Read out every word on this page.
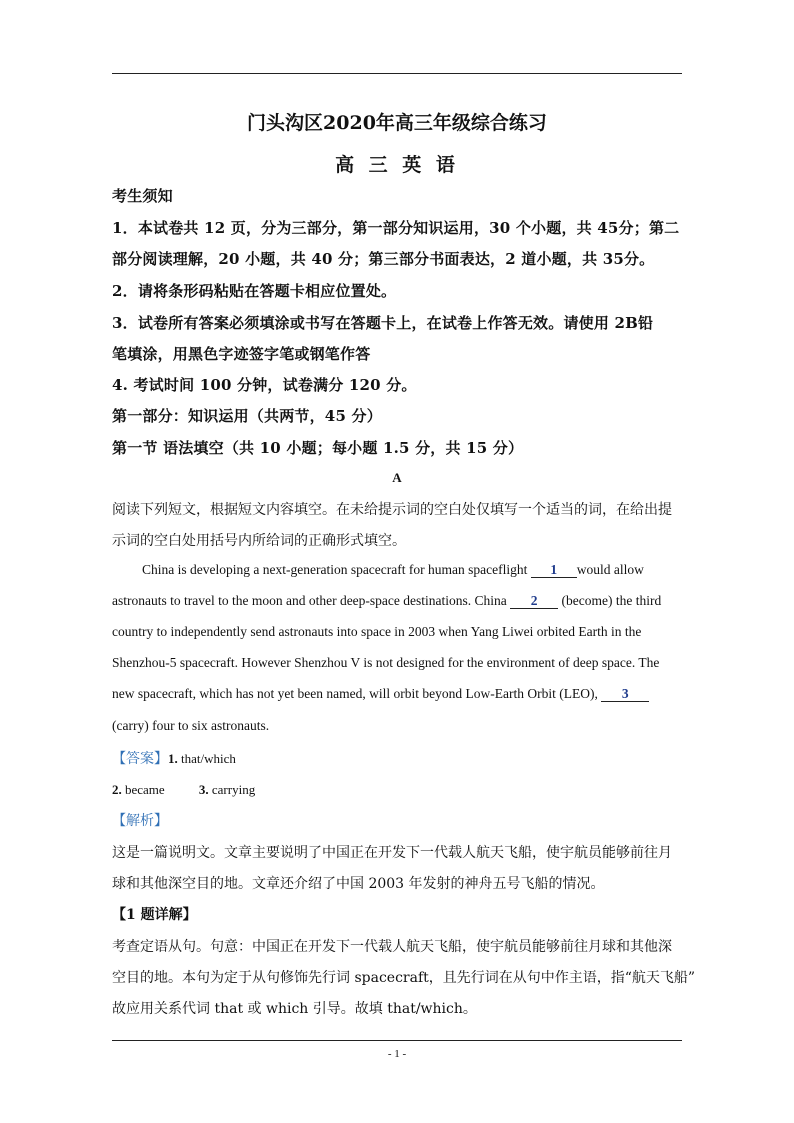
门头沟区2020年高三年级综合练习
高 三 英 语
考生须知
1．本试卷共 12 页，分为三部分，第一部分知识运用，30 个小题，共 45分；第二
部分阅读理解，20 小题，共 40 分；第三部分书面表达，2 道小题，共 35分。
2．请将条形码粘贴在答题卡相应位置处。
3．试卷所有答案必须填涂或书写在答题卡上，在试卷上作答无效。请使用 2B铅
笔填涂，用黑色字迹签字笔或钢笔作答
4. 考试时间 100 分钟，试卷满分 120 分。
第一部分：知识运用（共两节，45 分）
第一节 语法填空（共 10 小题；每小题 1.5 分，共 15 分）
A
阅读下列短文，根据短文内容填空。在未给提示词的空白处仅填写一个适当的词，在给出提
示词的空白处用括号内所给词的正确形式填空。
China is developing a next-generation spacecraft for human spaceflight 1 would allow
astronauts to travel to the moon and other deep-space destinations. China 2 (become) the third
country to independently send astronauts into space in 2003 when Yang Liwei orbited Earth in the
Shenzhou-5 spacecraft. However Shenzhou V is not designed for the environment of deep space. The
new spacecraft, which has not yet been named, will orbit beyond Low-Earth Orbit (LEO), 3
(carry) four to six astronauts.
【答案】1. that/which
2. became	3. carrying
【解析】
这是一篇说明文。文章主要说明了中国正在开发下一代载人航天飞船，使宇航员能够前往月
球和其他深空目的地。文章还介绍了中国 2003 年发射的神舟五号飞船的情况。
【1 题详解】
考查定语从句。句意：中国正在开发下一代载人航天飞船，使宇航员能够前往月球和其他深
空目的地。本句为定于从句修饰先行词 spacecraft，且先行词在从句中作主语，指“航天飞船”
故应用关系代词 that 或 which 引导。故填 that/which。
- 1 -
